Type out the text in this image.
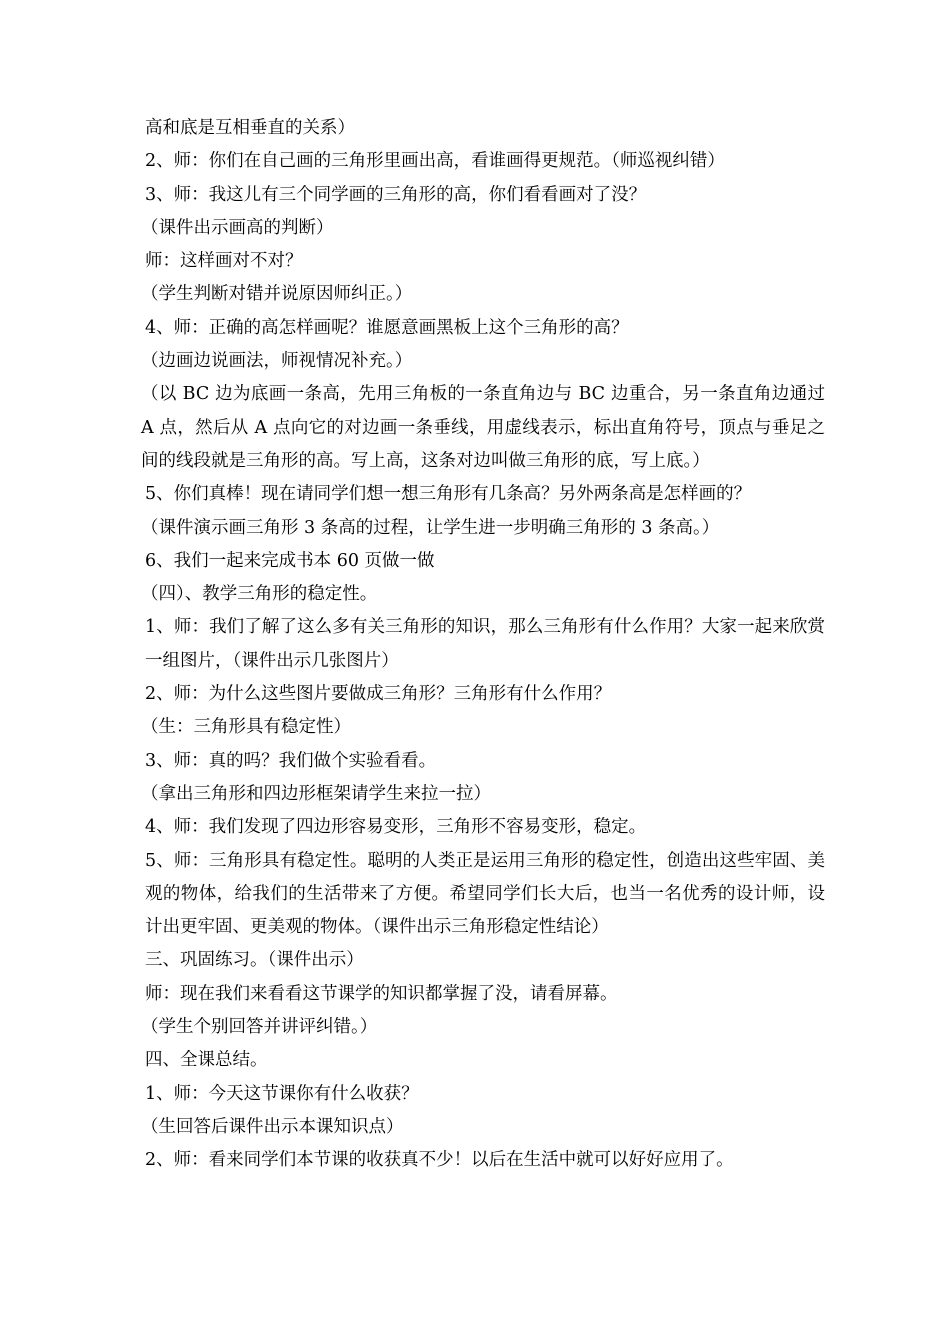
高和底是互相垂直的关系）

2、师：你们在自己画的三角形里画出高，看谁画得更规范。（师巡视纠错）

3、师：我这儿有三个同学画的三角形的高，你们看看画对了没？

（课件出示画高的判断）

师：这样画对不对？

（学生判断对错并说原因师纠正。）

4、师：正确的高怎样画呢？谁愿意画黑板上这个三角形的高？

（边画边说画法，师视情况补充。）

（以 BC 边为底画一条高，先用三角板的一条直角边与 BC 边重合，另一条直角边通过 A 点，然后从 A 点向它的对边画一条垂线，用虚线表示，标出直角符号，顶点与垂足之间的线段就是三角形的高。写上高，这条对边叫做三角形的底，写上底。）

5、你们真棒！现在请同学们想一想三角形有几条高？另外两条高是怎样画的？

（课件演示画三角形 3 条高的过程，让学生进一步明确三角形的 3 条高。）

6、我们一起来完成书本 60 页做一做

（四）、教学三角形的稳定性。

1、师：我们了解了这么多有关三角形的知识，那么三角形有什么作用？大家一起来欣赏一组图片，（课件出示几张图片）

2、师：为什么这些图片要做成三角形？三角形有什么作用？

（生：三角形具有稳定性）

3、师：真的吗？我们做个实验看看。

（拿出三角形和四边形框架请学生来拉一拉）

4、师：我们发现了四边形容易变形，三角形不容易变形，稳定。

5、师：三角形具有稳定性。聪明的人类正是运用三角形的稳定性，创造出这些牢固、美观的物体，给我们的生活带来了方便。希望同学们长大后，也当一名优秀的设计师，设计出更牢固、更美观的物体。（课件出示三角形稳定性结论）

三、巩固练习。（课件出示）

师：现在我们来看看这节课学的知识都掌握了没，请看屏幕。

（学生个别回答并讲评纠错。）

四、全课总结。

1、师：今天这节课你有什么收获？

（生回答后课件出示本课知识点）

2、师：看来同学们本节课的收获真不少！以后在生活中就可以好好应用了。
